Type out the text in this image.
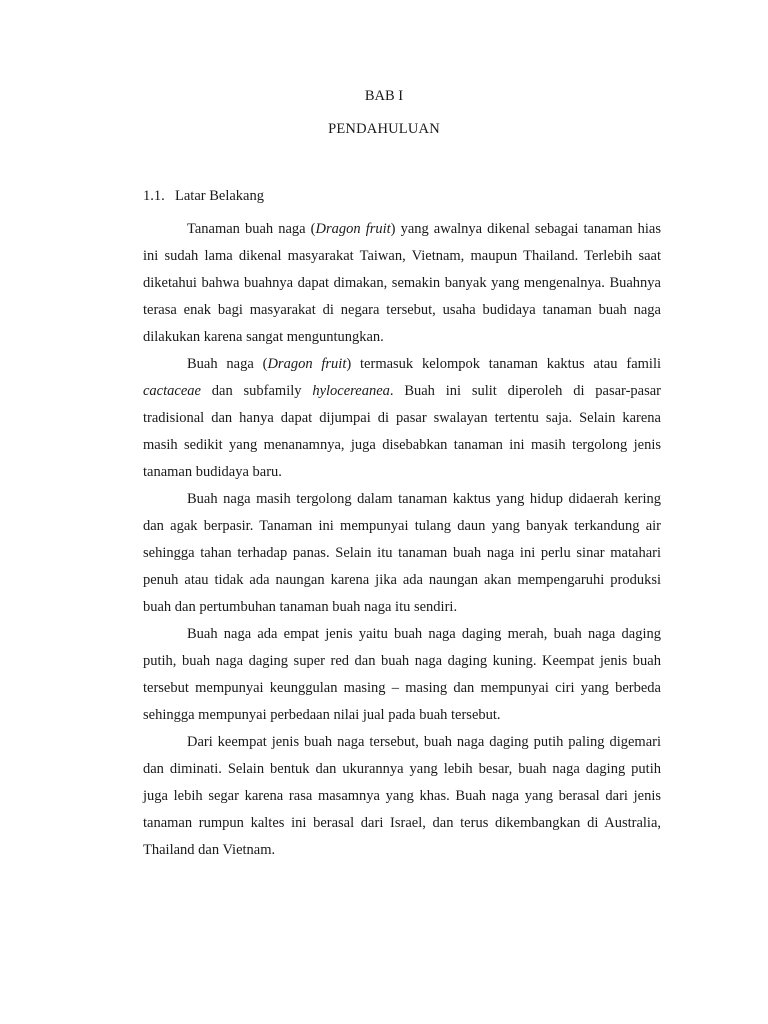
BAB I
PENDAHULUAN
1.1. Latar Belakang

Tanaman buah naga (Dragon fruit) yang awalnya dikenal sebagai tanaman hias ini sudah lama dikenal masyarakat Taiwan, Vietnam, maupun Thailand. Terlebih saat diketahui bahwa buahnya dapat dimakan, semakin banyak yang mengenalnya. Buahnya terasa enak bagi masyarakat di negara tersebut, usaha budidaya tanaman buah naga dilakukan karena sangat menguntungkan.

Buah naga (Dragon fruit) termasuk kelompok tanaman kaktus atau famili cactaceae dan subfamily hylocereanea. Buah ini sulit diperoleh di pasar-pasar tradisional dan hanya dapat dijumpai di pasar swalayan tertentu saja. Selain karena masih sedikit yang menanamnya, juga disebabkan tanaman ini masih tergolong jenis tanaman budidaya baru.

Buah naga masih tergolong dalam tanaman kaktus yang hidup didaerah kering dan agak berpasir. Tanaman ini mempunyai tulang daun yang banyak terkandung air sehingga tahan terhadap panas. Selain itu tanaman buah naga ini perlu sinar matahari penuh atau tidak ada naungan karena jika ada naungan akan mempengaruhi produksi buah dan pertumbuhan tanaman buah naga itu sendiri.

Buah naga ada empat jenis yaitu buah naga daging merah, buah naga daging putih, buah naga daging super red dan buah naga daging kuning. Keempat jenis buah tersebut mempunyai keunggulan masing – masing dan mempunyai ciri yang berbeda sehingga mempunyai perbedaan nilai jual pada buah tersebut.

Dari keempat jenis buah naga tersebut, buah naga daging putih paling digemari dan diminati. Selain bentuk dan ukurannya yang lebih besar, buah naga daging putih juga lebih segar karena rasa masamnya yang khas. Buah naga yang berasal dari jenis tanaman rumpun kaltes ini berasal dari Israel, dan terus dikembangkan di Australia, Thailand dan Vietnam.
